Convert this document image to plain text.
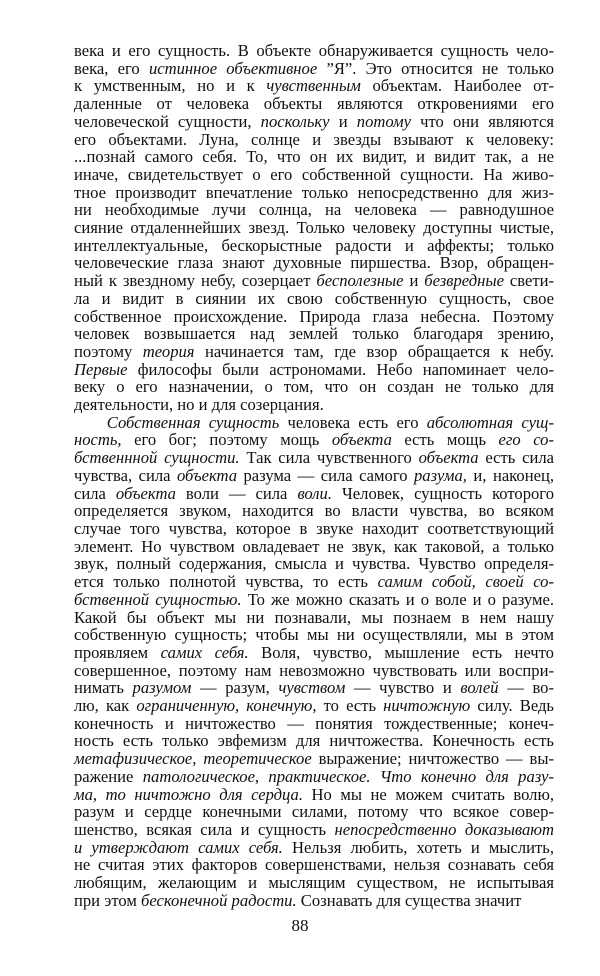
века и его сущность. В объекте обнаруживается сущность чело-
века, его истинное объективное ”Я”. Это относится не только
к умственным, но и к чувственным объектам. Наиболее от-
даленные от человека объекты являются откровениями его
человеческой сущности, поскольку и потому что они являются
его объектами. Луна, солнце и звезды взывают к человеку:
...познай самого себя. То, что он их видит, и видит так, а не
иначе, свидетельствует о его собственной сущности. На живо-
тное производит впечатление только непосредственно для жиз-
ни необходимые лучи солнца, на человека — равнодушное
сияние отдаленнейших звезд. Только человеку доступны чистые,
интеллектуальные, бескорыстные радости и аффекты; только
человеческие глаза знают духовные пиршества. Взор, обращен-
ный к звездному небу, созерцает бесполезные и безвредные свети-
ла и видит в сиянии их свою собственную сущность, свое
собственное происхождение. Природа глаза небесна. Поэтому
человек возвышается над землей только благодаря зрению,
поэтому теория начинается там, где взор обращается к небу.
Первые философы были астрономами. Небо напоминает чело-
веку о его назначении, о том, что он создан не только для
деятельности, но и для созерцания.
Собственная сущность человека есть его абсолютная сущ-
ность, его бог; поэтому мощь объекта есть мощь его со-
бственнной сущности. Так сила чувственного объекта есть сила
чувства, сила объекта разума — сила самого разума, и, наконец,
сила объекта воли — сила воли. Человек, сущность которого
определяется звуком, находится во власти чувства, во всяком
случае того чувства, которое в звуке находит соответствующий
элемент. Но чувством овладевает не звук, как таковой, а только
звук, полный содержания, смысла и чувства. Чувство определя-
ется только полнотой чувства, то есть самим собой, своей со-
бственной сущностью. То же можно сказать и о воле и о разуме.
Какой бы объект мы ни познавали, мы познаем в нем нашу
собственную сущность; чтобы мы ни осуществляли, мы в этом
проявляем самих себя. Воля, чувство, мышление есть нечто
совершенное, поэтому нам невозможно чувствовать или воспри-
нимать разумом — разум, чувством — чувство и волей — во-
лю, как ограниченную, конечную, то есть ничтожную силу. Ведь
конечность и ничтожество — понятия тождественные; конеч-
ность есть только эвфемизм для ничтожества. Конечность есть
метафизическое, теоретическое выражение; ничтожество — вы-
ражение патологическое, практическое. Что конечно для разу-
ма, то ничтожно для сердца. Но мы не можем считать волю,
разум и сердце конечными силами, потому что всякое совер-
шенство, всякая сила и сущность непосредственно доказывают
и утверждают самих себя. Нельзя любить, хотеть и мыслить,
не считая этих факторов совершенствами, нельзя сознавать себя
любящим, желающим и мыслящим существом, не испытывая
при этом бесконечной радости. Сознавать для существа значит
88
